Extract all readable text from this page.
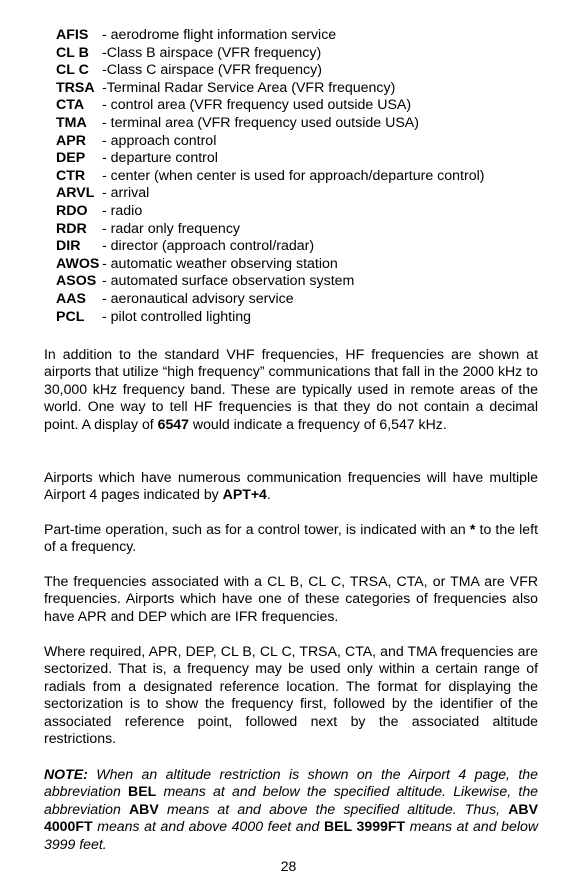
AFIS - aerodrome flight information service
CL B -Class B airspace (VFR frequency)
CL C -Class C airspace (VFR frequency)
TRSA -Terminal Radar Service Area (VFR frequency)
CTA	- control area (VFR frequency used outside USA)
TMA	- terminal area (VFR frequency used outside USA)
APR	- approach control
DEP	- departure control
CTR	- center (when center is used for approach/departure control)
ARVL - arrival
RDO	- radio
RDR	- radar only frequency
DIR	- director (approach control/radar)
AWOS - automatic weather observing station
ASOS - automated surface observation system
AAS	- aeronautical advisory service
PCL	- pilot controlled lighting

In addition to the standard VHF frequencies, HF frequencies are shown at airports that utilize “high frequency” communications that fall in the 2000 kHz to 30,000 kHz frequency band. These are typically used in remote areas of the world. One way to tell HF frequencies is that they do not contain a decimal point. A display of 6547 would indicate a frequency of 6,547 kHz.

Airports which have numerous communication frequencies will have multiple Airport 4 pages indicated by APT+4.

Part-time operation, such as for a control tower, is indicated with an * to the left of a frequency.

The frequencies associated with a CL B, CL C, TRSA, CTA, or TMA are VFR frequencies. Airports which have one of these categories of frequencies also have APR and DEP which are IFR frequencies.

Where required, APR, DEP, CL B, CL C, TRSA, CTA, and TMA frequencies are sectorized. That is, a frequency may be used only within a certain range of radials from a designated reference location. The format for displaying the sectorization is to show the frequency first, followed by the identifier of the associated reference point, followed next by the associated altitude restrictions.

NOTE: When an altitude restriction is shown on the Airport 4 page, the abbreviation BEL means at and below the specified altitude. Likewise, the abbreviation ABV means at and above the specified altitude. Thus, ABV 4000FT means at and above 4000 feet and BEL 3999FT means at and below 3999 feet.

28
